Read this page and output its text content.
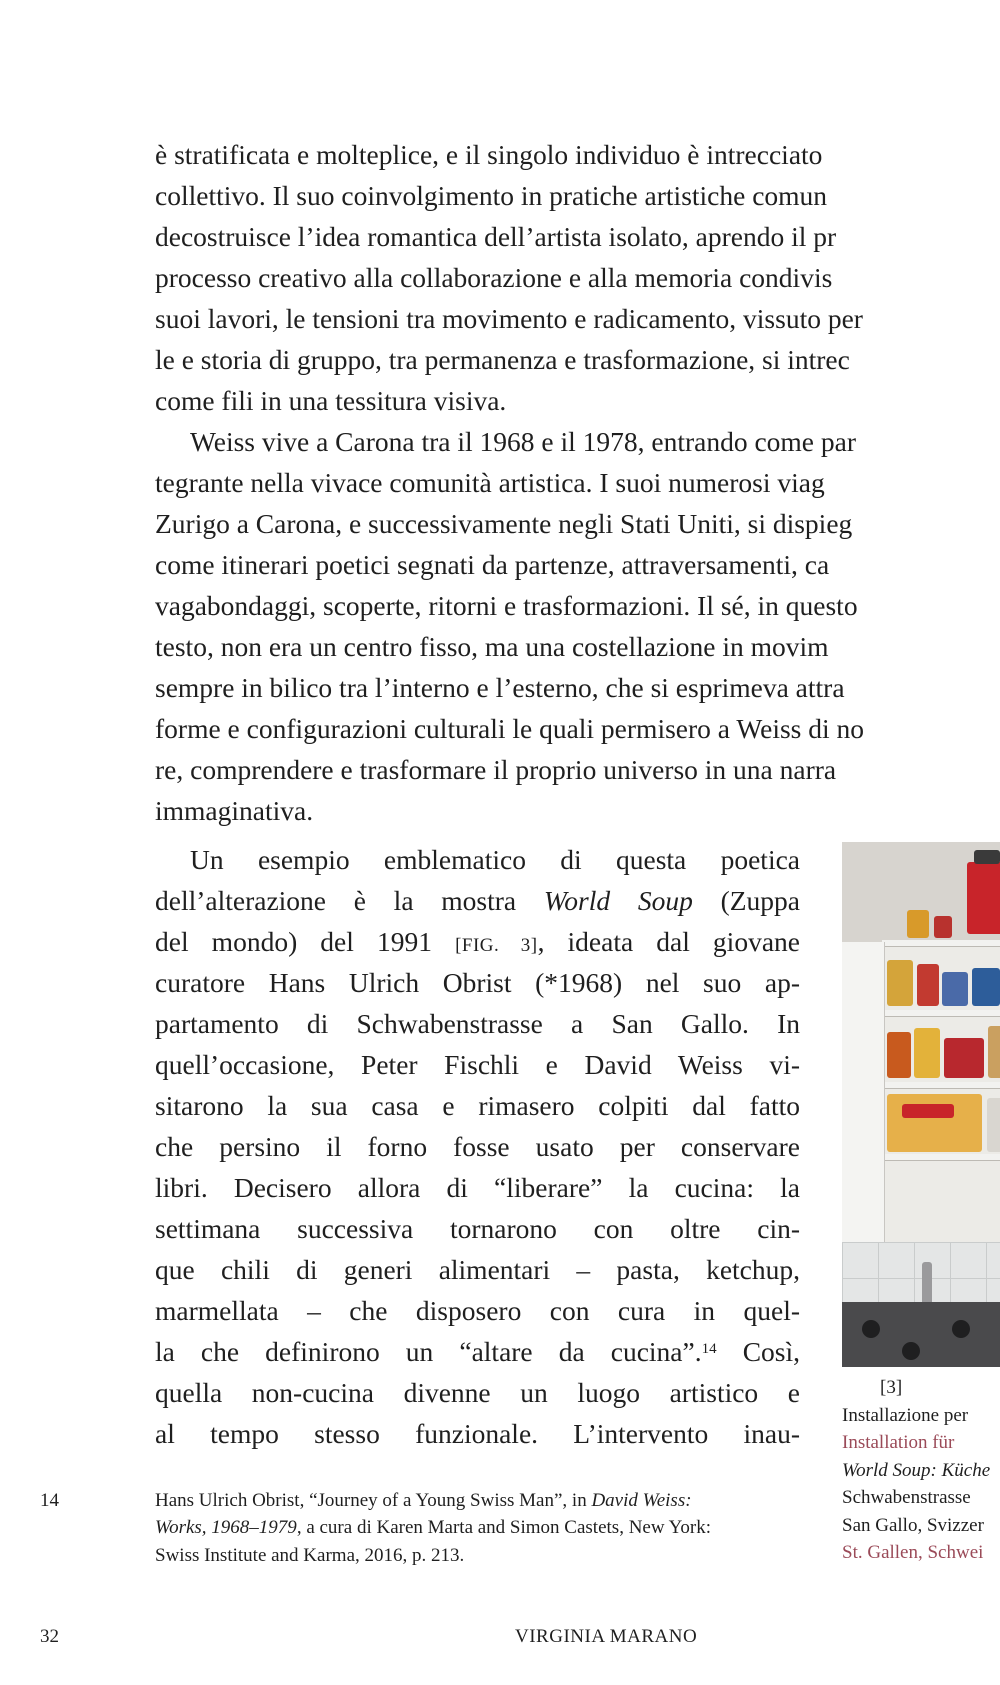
è stratificata e molteplice, e il singolo individuo è intrecciato
collettivo. Il suo coinvolgimento in pratiche artistiche comun
decostruisce l’idea romantica dell’artista isolato, aprendo il pr
processo creativo alla collaborazione e alla memoria condivis
suoi lavori, le tensioni tra movimento e radicamento, vissuto per
le e storia di gruppo, tra permanenza e trasformazione, si intrec
come fili in una tessitura visiva.
Weiss vive a Carona tra il 1968 e il 1978, entrando come par
tegrante nella vivace comunità artistica. I suoi numerosi viag
Zurigo a Carona, e successivamente negli Stati Uniti, si dispieg
come itinerari poetici segnati da partenze, attraversamenti, ca
vagabondaggi, scoperte, ritorni e trasformazioni. Il sé, in questo
testo, non era un centro fisso, ma una costellazione in movim
sempre in bilico tra l’interno e l’esterno, che si esprimeva attra
forme e configurazioni culturali le quali permisero a Weiss di no
re, comprendere e trasformare il proprio universo in una narra
immaginativa.
Un esempio emblematico di questa poetica
dell’alterazione è la mostra World Soup (Zuppa
del mondo) del 1991 [FIG. 3], ideata dal giovane
curatore Hans Ulrich Obrist (*1968) nel suo ap-
partamento di Schwabenstrasse a San Gallo. In
quell’occasione, Peter Fischli e David Weiss vi-
sitarono la sua casa e rimasero colpiti dal fatto
che persino il forno fosse usato per conservare
libri. Decisero allora di “liberare” la cucina: la
settimana successiva tornarono con oltre cin-
que chili di generi alimentari – pasta, ketchup,
marmellata – che disposero con cura in quel-
la che definirono un “altare da cucina”.$^{14}$ Così,
quella non-cucina divenne un luogo artistico e
al tempo stesso funzionale. L’intervento inau-
[3]
Installazione per
Installation für
World Soup: Küche
Schwabenstrasse
San Gallo, Svizzer
St. Gallen, Schwei
14	Hans Ulrich Obrist, “Journey of a Young Swiss Man”, in David Weiss:
Works, 1968–1979, a cura di Karen Marta and Simon Castets, New York:
Swiss Institute and Karma, 2016, p. 213.
32	VIRGINIA MARANO
